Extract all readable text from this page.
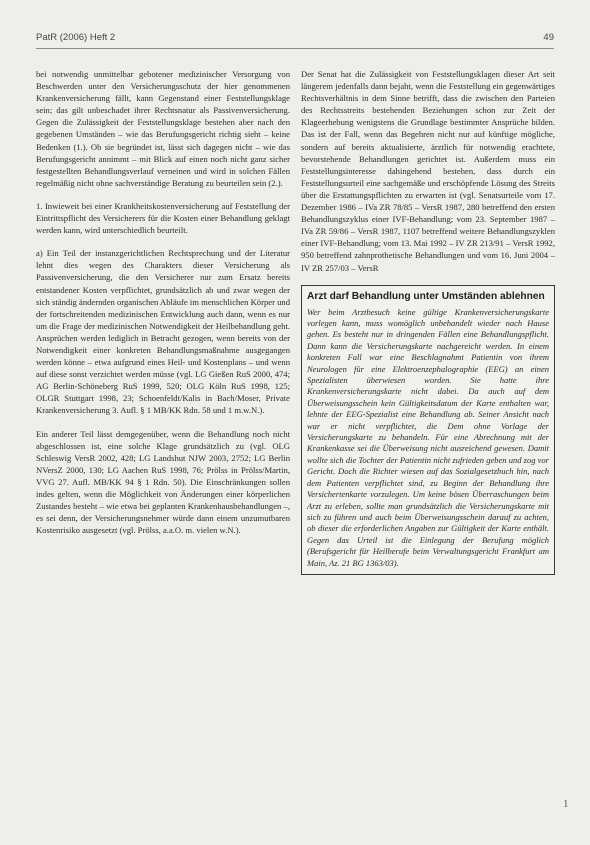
PatR (2006) Heft 2	49

bei notwendig unmittelbar gebotener medizinischer Versorgung von Beschwerden unter den Versicherungsschutz der hier genommenen Krankenversicherung fällt, kann Gegenstand einer Feststellungsklage sein; das gilt unbeschadet ihrer Rechtsnatur als Passivenversicherung. Gegen die Zulässigkeit der Feststellungsklage bestehen aber nach den gegebenen Umständen – wie das Berufungsgericht richtig sieht – keine Bedenken (1.). Ob sie begründet ist, lässt sich dagegen nicht – wie das Berufungsgericht annimmt – mit Blick auf einen noch nicht ganz sicher festgestellten Behandlungsverlauf verneinen und wird in solchen Fällen regelmäßig nicht ohne sachverständige Beratung zu beurteilen sein (2.).

1. Inwieweit bei einer Krankheitskostenversicherung auf Feststellung der Eintrittspflicht des Versicherers für die Kosten einer Behandlung geklagt werden kann, wird unterschiedlich beurteilt.

a) Ein Teil der instanzgerichtlichen Rechtsprechung und der Literatur lehnt dies wegen des Charakters dieser Versicherung als Passivenversicherung, die den Versicherer nur zum Ersatz bereits entstandener Kosten verpflichtet, grundsätzlich ab und zwar wegen der sich ständig ändernden organischen Abläufe im menschlichen Körper und der fortschreitenden medizinischen Entwicklung auch dann, wenn es nur um die Frage der medizinischen Notwendigkeit der Heilbehandlung geht. Ansprüchen werden lediglich in Betracht gezogen, wenn bereits von der Notwendigkeit einer konkreten Behandlungsmaßnahme ausgegangen werden könne – etwa aufgrund eines Heil- und Kostenplans – und wenn auf diese sonst verzichtet werden müsse (vgl. LG Gießen RuS 2000, 474; AG Berlin-Schöneberg RuS 1999, 520; OLG Köln RuS 1998, 125; OLGR Stuttgart 1998, 23; Schoenfeldt/Kalis in Bach/Moser, Private Krankenversicherung 3. Aufl. § 1 MB/KK Rdn. 58 und 1 m.w.N.).

Ein anderer Teil lässt demgegenüber, wenn die Behandlung noch nicht abgeschlossen ist, eine solche Klage grundsätzlich zu (vgl. OLG Schleswig VersR 2002, 428; LG Landshut NJW 2003, 2752; LG Berlin NVersZ 2000, 130; LG Aachen RuS 1998, 76; Prölss in Prölss/Martin, VVG 27. Aufl. MB/KK 94 § 1 Rdn. 50). Die Einschränkungen sollen indes gelten, wenn die Möglichkeit von Änderungen einer körperlichen Zustandes besteht – wie etwa bei geplanten Krankenhausbehandlungen –, es sei denn, der Versicherungsnehmer würde dann einem unzumutbaren Kostenrisiko ausgesetzt (vgl. Prölss, a.a.O. m. vielen w.N.).

Der Senat hat die Zulässigkeit von Feststellungsklagen dieser Art seit längerem jedenfalls dann bejaht, wenn die Feststellung ein gegenwärtiges Rechtsverhältnis in dem Sinne betrifft, dass die zwischen den Parteien des Rechtsstreits bestehenden Beziehungen schon zur Zeit der Klageerhebung wenigstens die Grundlage bestimmter Ansprüche bilden. Das ist der Fall, wenn das Begehren nicht nur auf künftige mögliche, sondern auf bereits aktualisierte, ärztlich für notwendig erachtete, bevorstehende Behandlungen gerichtet ist. Außerdem muss ein Feststellungsinteresse dahingehend bestehen, dass durch ein Feststellungsurteil eine sachgemäße und erschöpfende Lösung des Streits über die Erstattungspflichten zu erwarten ist (vgl. Senatsurteile vom 17. Dezember 1986 – IVa ZR 78/85 – VersR 1987, 280 betreffend den ersten Behandlungszyklus einer IVF-Behandlung; vom 23. September 1987 – IVa ZR 59/86 – VersR 1987, 1107 betreffend weitere Behandlungszyklen einer IVF-Behandlung; vom 13. Mai 1992 – IV ZR 213/91 – VersR 1992, 950 betreffend zahnprothetische Behandlungen und vom 16. Juni 2004 – IV ZR 257/03 – VersR

Arzt darf Behandlung unter Umständen ablehnen

Wer beim Arztbesuch keine gültige Krankenversicherungskarte vorlegen kann, muss womöglich unbehandelt wieder nach Hause gehen. Es besteht nur in dringenden Fällen eine Behandlungspflicht. Dann kann die Versicherungskarte nachgereicht werden. In einem konkreten Fall war eine Beschlagnahmt Patientin von ihrem Neurologen für eine Elektroenzephalographie (EEG) an einen Spezialisten überwiesen worden. Sie hatte ihre Krankenversicherungskarte nicht dabei. Da auch auf dem Überweisungsschein kein Gültigkeitsdatum der Karte enthalten war, lehnte der EEG-Spezialist eine Behandlung ab. Seiner Ansicht nach war er nicht verpflichtet, die Dem ohne Vorlage der Versicherungskarte zu behandeln. Für eine Abrechnung mit der Krankenkasse sei die Überweisung nicht ausreichend gewesen. Damit wollte sich die Tochter der Patientin nicht zufrieden geben und zog vor Gericht. Doch die Richter wiesen auf das Sozialgesetzbuch hin, nach dem Patienten verpflichtet sind, zu Beginn der Behandlung ihre Versichertenkarte vorzulegen. Um keine bösen Überraschungen beim Arzt zu erleben, sollte man grundsätzlich die Versicherungskarte mit sich zu führen und auch beim Überweisungsschein darauf zu achten, ob dieser die erforderlichen Angaben zur Gültigkeit der Karte enthält. Gegen das Urteil ist die Einlegung der Berufung möglich (Berufsgericht für Heilberufe beim Verwaltungsgericht Frankfurt am Main, Az. 21 BG 1363/03).

1
